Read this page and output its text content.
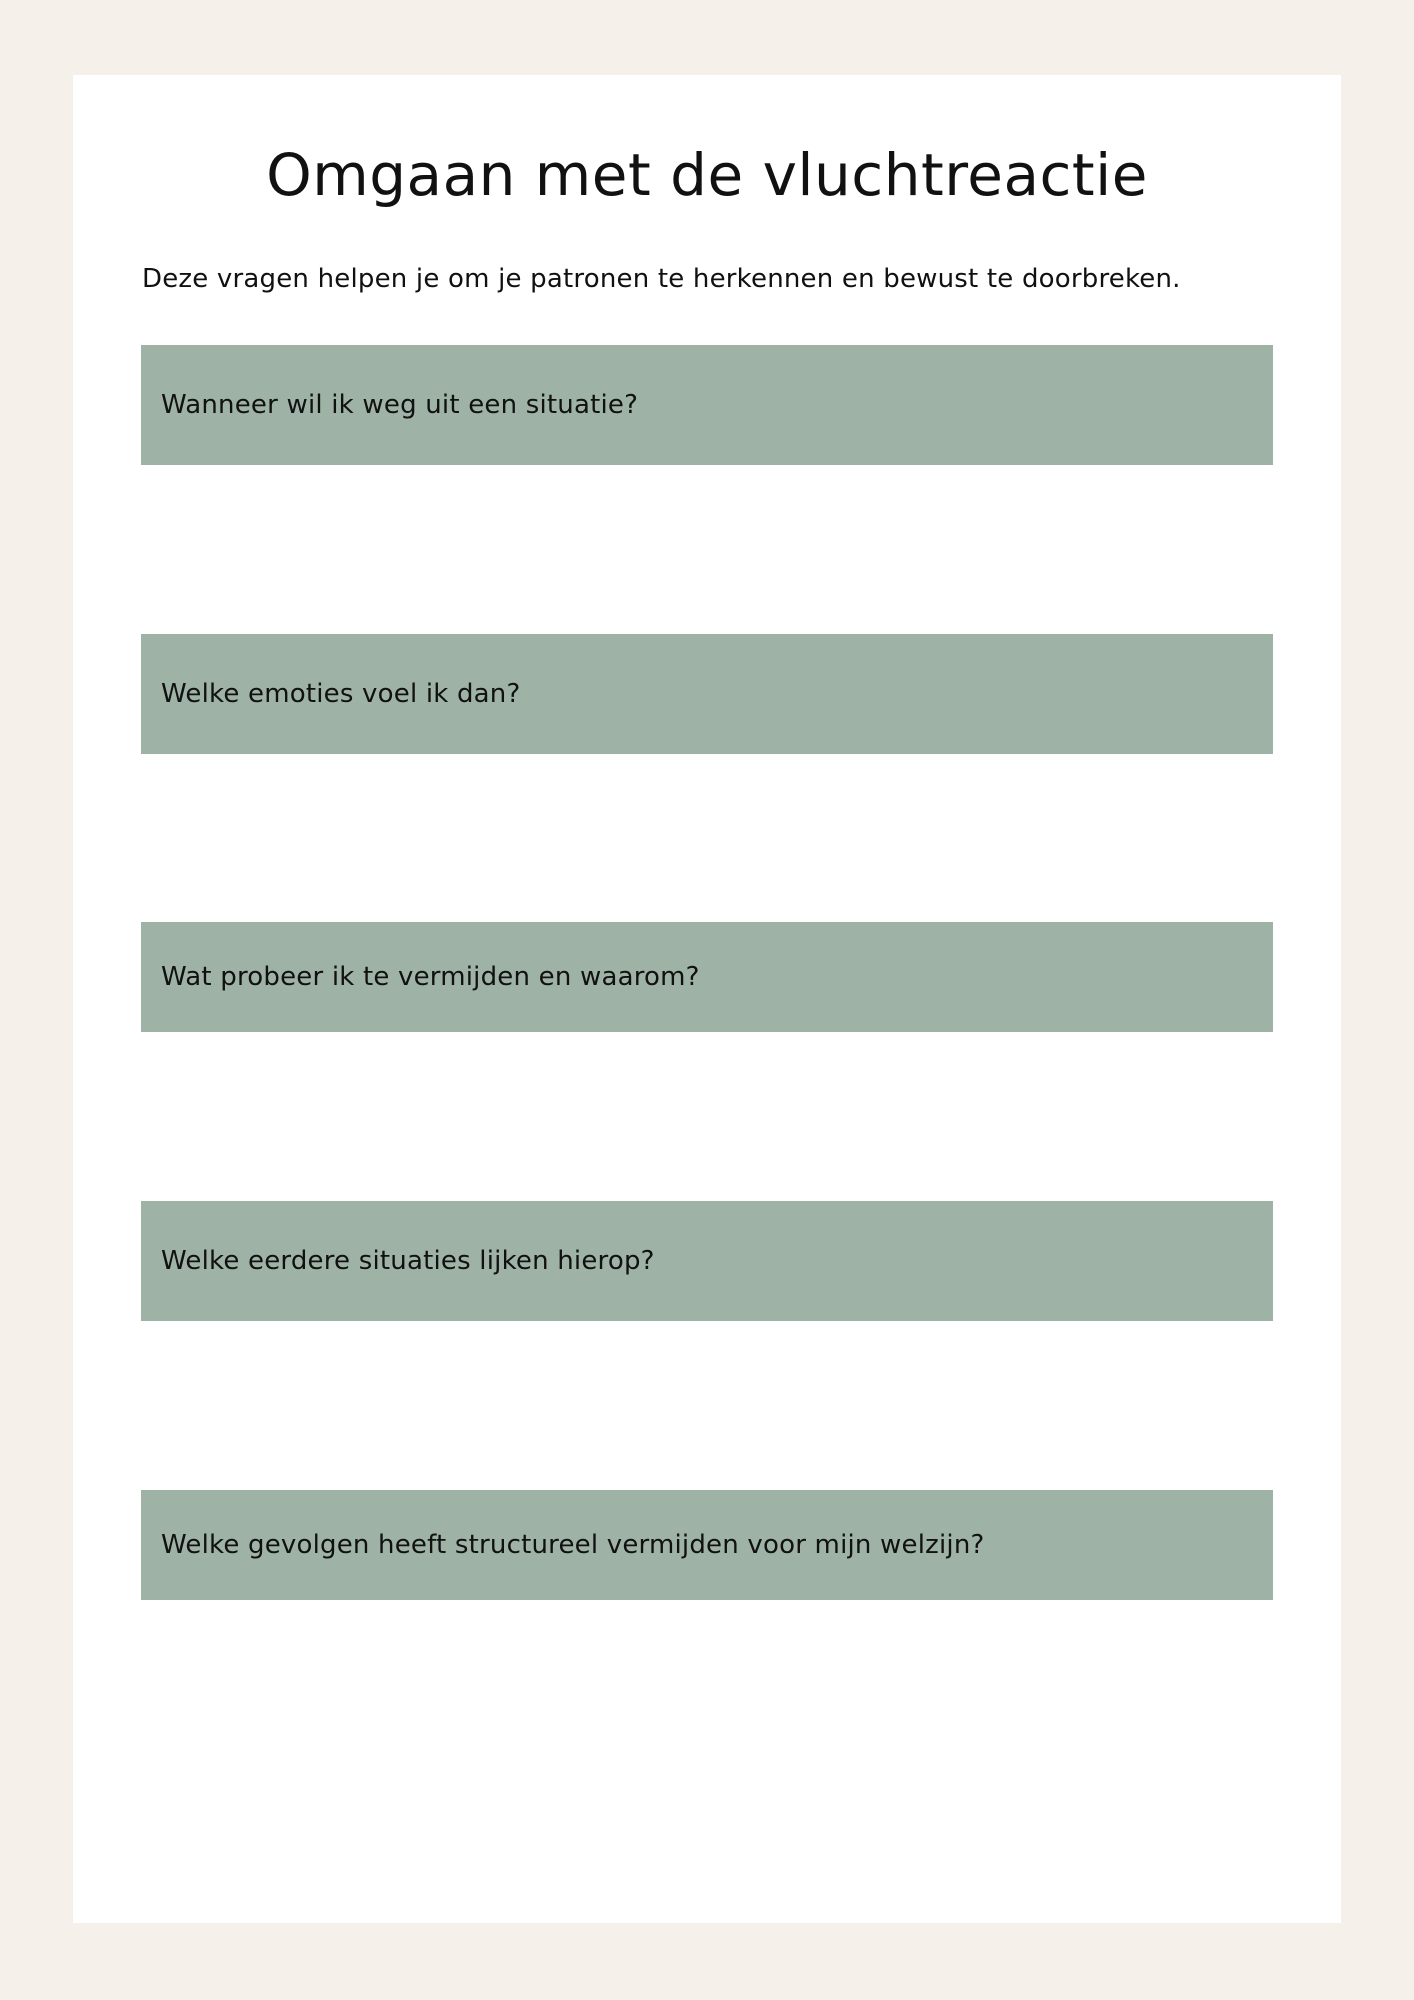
Omgaan met de vluchtreactie

Deze vragen helpen je om je patronen te herkennen en bewust te doorbreken.

Wanneer wil ik weg uit een situatie?
Welke emoties voel ik dan?
Wat probeer ik te vermijden en waarom?
Welke eerdere situaties lijken hierop?
Welke gevolgen heeft structureel vermijden voor mijn welzijn?
